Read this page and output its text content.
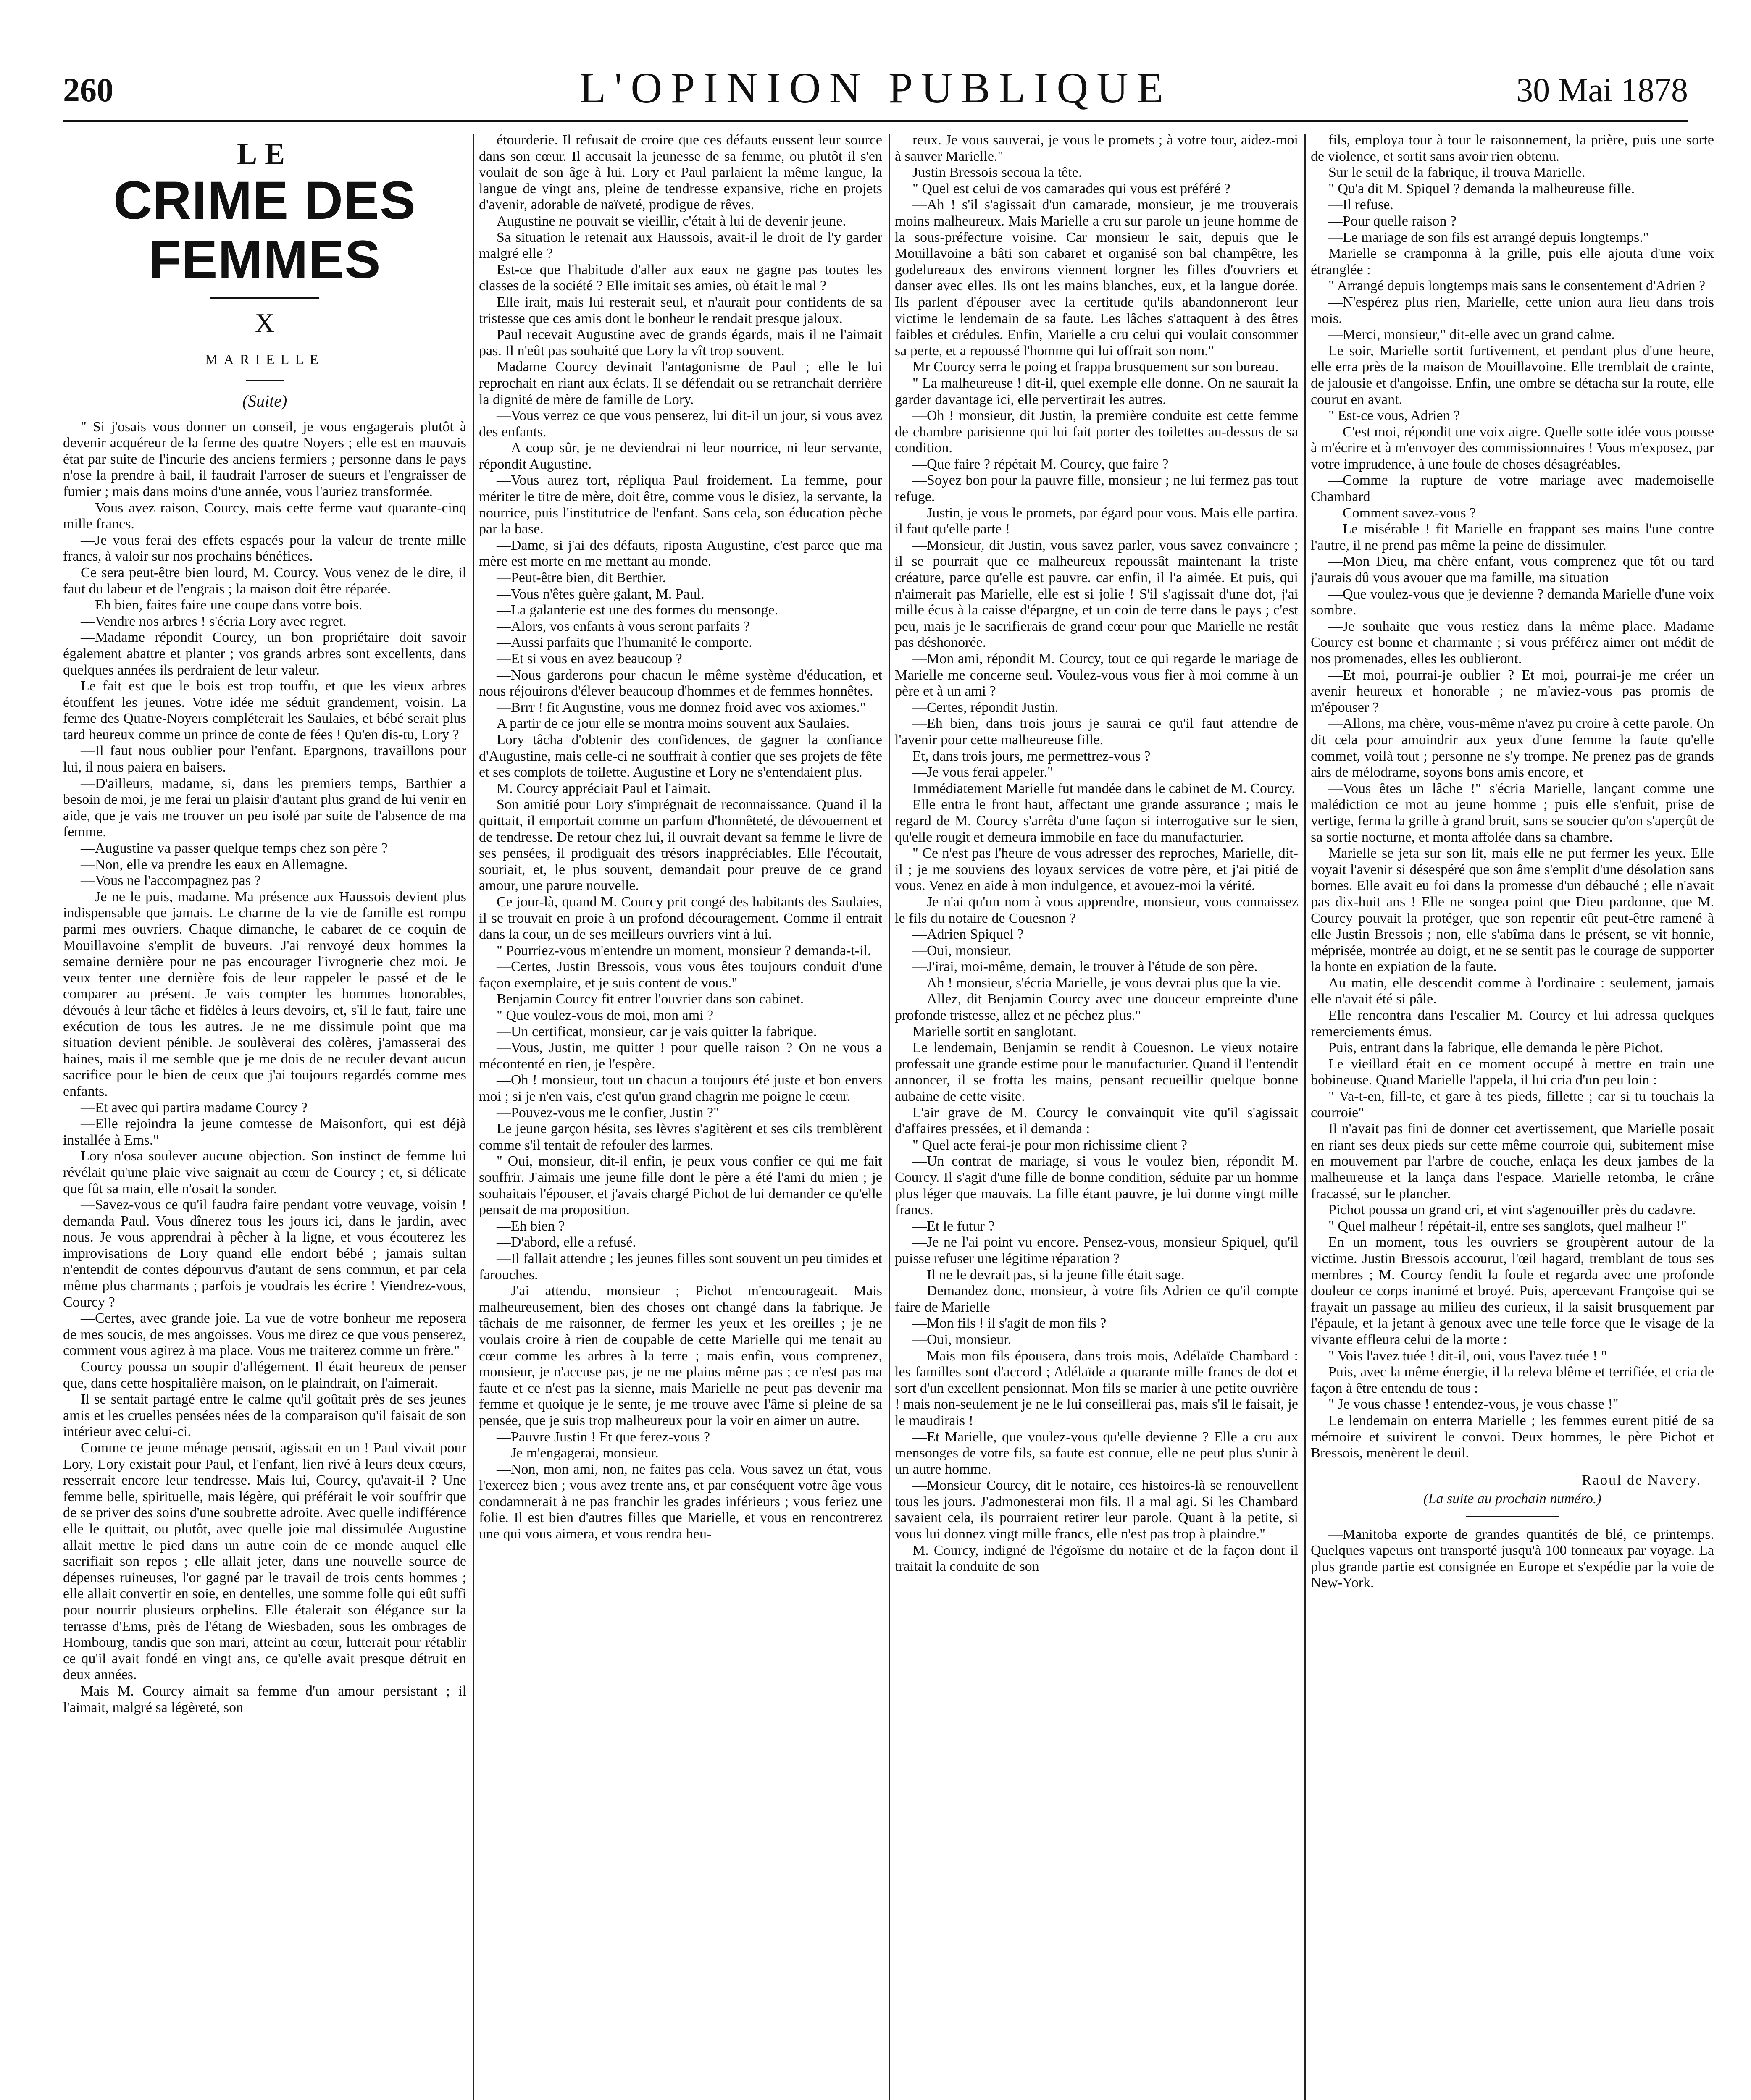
260	L'OPINION PUBLIQUE	30 Mai 1878
LE
CRIME DES FEMMES
X
MARIELLE
(Suite)

" Si j'osais vous donner un conseil, je vous engagerais plutôt à devenir acquéreur de la ferme des quatre Noyers ; elle est en mauvais état par suite de l'incurie des anciens fermiers ; personne dans le pays n'ose la prendre à bail, il faudrait l'arroser de sueurs et l'engraisser de fumier ; mais dans moins d'une année, vous l'auriez transformée.

—Vous avez raison, Courcy, mais cette ferme vaut quarante-cinq mille francs.

—Je vous ferai des effets espacés pour la valeur de trente mille francs, à valoir sur nos prochains bénéfices.

Ce sera peut-être bien lourd, M. Courcy. Vous venez de le dire, il faut du labeur et de l'engrais ; la maison doit être réparée.

—Eh bien, faites faire une coupe dans votre bois.

—Vendre nos arbres ! s'écria Lory avec regret.

—Madame répondit Courcy, un bon propriétaire doit savoir également abattre et planter ; vos grands arbres sont excellents, dans quelques années ils perdraient de leur valeur.

Le fait est que le bois est trop touffu, et que les vieux arbres étouffent les jeunes. Votre idée me séduit grandement, voisin. La ferme des Quatre-Noyers compléterait les Saulaies, et bébé serait plus tard heureux comme un prince de conte de fées ! Qu'en dis-tu, Lory ?

—Il faut nous oublier pour l'enfant. Epargnons, travaillons pour lui, il nous paiera en baisers.

—D'ailleurs, madame, si, dans les premiers temps, Barthier a besoin de moi, je me ferai un plaisir d'autant plus grand de lui venir en aide, que je vais me trouver un peu isolé par suite de l'absence de ma femme.

—Augustine va passer quelque temps chez son père ?

—Non, elle va prendre les eaux en Allemagne.

—Vous ne l'accompagnez pas ?

—Je ne le puis, madame. Ma présence aux Haussois devient plus indispensable que jamais. Le charme de la vie de famille est rompu parmi mes ouvriers. Chaque dimanche, le cabaret de ce coquin de Mouillavoine s'emplit de buveurs. J'ai renvoyé deux hommes la semaine dernière pour ne pas encourager l'ivrognerie chez moi. Je veux tenter une dernière fois de leur rappeler le passé et de le comparer au présent. Je vais compter les hommes honorables, dévoués à leur tâche et fidèles à leurs devoirs, et, s'il le faut, faire une exécution de tous les autres. Je ne me dissimule point que ma situation devient pénible. Je soulèverai des colères, j'amasserai des haines, mais il me semble que je me dois de ne reculer devant aucun sacrifice pour le bien de ceux que j'ai toujours regardés comme mes enfants.

—Et avec qui partira madame Courcy ?

—Elle rejoindra la jeune comtesse de Maisonfort, qui est déjà installée à Ems."

Lory n'osa soulever aucune objection. Son instinct de femme lui révélait qu'une plaie vive saignait au cœur de Courcy ; et, si délicate que fût sa main, elle n'osait la sonder.

—Savez-vous ce qu'il faudra faire pendant votre veuvage, voisin ! demanda Paul. Vous dînerez tous les jours ici, dans le jardin, avec nous. Je vous apprendrai à pêcher à la ligne, et vous écouterez les improvisations de Lory quand elle endort bébé ; jamais sultan n'entendit de contes dépourvus d'autant de sens commun, et par cela même plus charmants ; parfois je voudrais les écrire ! Viendrez-vous, Courcy ?

—Certes, avec grande joie. La vue de votre bonheur me reposera de mes soucis, de mes angoisses. Vous me direz ce que vous penserez, comment vous agirez à ma place. Vous me traiterez comme un frère."

Courcy poussa un soupir d'allégement. Il était heureux de penser que, dans cette hospitalière maison, on le plaindrait, on l'aimerait.

Il se sentait partagé entre le calme qu'il goûtait près de ses jeunes amis et les cruelles pensées nées de la comparaison qu'il faisait de son intérieur avec celui-ci.

Comme ce jeune ménage pensait, agissait en un ! Paul vivait pour Lory, Lory existait pour Paul, et l'enfant, lien rivé à leurs deux cœurs, resserrait encore leur tendresse. Mais lui, Courcy, qu'avait-il ? Une femme belle, spirituelle, mais légère, qui préférait le voir souffrir que de se priver des soins d'une soubrette adroite. Avec quelle indifférence elle le quittait, ou plutôt, avec quelle joie mal dissimulée Augustine allait mettre le pied dans un autre coin de ce monde auquel elle sacrifiait son repos ; elle allait jeter, dans une nouvelle source de dépenses ruineuses, l'or gagné par le travail de trois cents hommes ; elle allait convertir en soie, en dentelles, une somme folle qui eût suffi pour nourrir plusieurs orphelins. Elle étalerait son élégance sur la terrasse d'Ems, près de l'étang de Wiesbaden, sous les ombrages de Hombourg, tandis que son mari, atteint au cœur, lutterait pour rétablir ce qu'il avait fondé en vingt ans, ce qu'elle avait presque détruit en deux années.

Mais M. Courcy aimait sa femme d'un amour persistant ; il l'aimait, malgré sa légèreté, son

étourderie. Il refusait de croire que ces défauts eussent leur source dans son cœur. Il accusait la jeunesse de sa femme, ou plutôt il s'en voulait de son âge à lui. Lory et Paul parlaient la même langue, la langue de vingt ans, pleine de tendresse expansive, riche en projets d'avenir, adorable de naïveté, prodigue de rêves.

Augustine ne pouvait se vieillir, c'était à lui de devenir jeune.

Sa situation le retenait aux Haussois, avait-il le droit de l'y garder malgré elle ?

Est-ce que l'habitude d'aller aux eaux ne gagne pas toutes les classes de la société ? Elle imitait ses amies, où était le mal ?

Elle irait, mais lui resterait seul, et n'aurait pour confidents de sa tristesse que ces amis dont le bonheur le rendait presque jaloux.

Paul recevait Augustine avec de grands égards, mais il ne l'aimait pas. Il n'eût pas souhaité que Lory la vît trop souvent.

Madame Courcy devinait l'antagonisme de Paul ; elle le lui reprochait en riant aux éclats. Il se défendait ou se retranchait derrière la dignité de mère de famille de Lory.

—Vous verrez ce que vous penserez, lui dit-il un jour, si vous avez des enfants.

—A coup sûr, je ne deviendrai ni leur nourrice, ni leur servante, répondit Augustine.

—Vous aurez tort, répliqua Paul froidement. La femme, pour mériter le titre de mère, doit être, comme vous le disiez, la servante, la nourrice, puis l'institutrice de l'enfant. Sans cela, son éducation pèche par la base.

—Dame, si j'ai des défauts, riposta Augustine, c'est parce que ma mère est morte en me mettant au monde.

—Peut-être bien, dit Berthier.

—Vous n'êtes guère galant, M. Paul.

—La galanterie est une des formes du mensonge.

—Alors, vos enfants à vous seront parfaits ?

—Aussi parfaits que l'humanité le comporte.

—Et si vous en avez beaucoup ?

—Nous garderons pour chacun le même système d'éducation, et nous réjouirons d'élever beaucoup d'hommes et de femmes honnêtes.

—Brrr ! fit Augustine, vous me donnez froid avec vos axiomes."

A partir de ce jour elle se montra moins souvent aux Saulaies.

Lory tâcha d'obtenir des confidences, de gagner la confiance d'Augustine, mais celle-ci ne souffrait à confier que ses projets de fête et ses complots de toilette. Augustine et Lory ne s'entendaient plus.

M. Courcy appréciait Paul et l'aimait.

Son amitié pour Lory s'imprégnait de reconnaissance. Quand il la quittait, il emportait comme un parfum d'honnêteté, de dévouement et de tendresse. De retour chez lui, il ouvrait devant sa femme le livre de ses pensées, il prodiguait des trésors inappréciables. Elle l'écoutait, souriait, et, le plus souvent, demandait pour preuve de ce grand amour, une parure nouvelle.

Ce jour-là, quand M. Courcy prit congé des habitants des Saulaies, il se trouvait en proie à un profond découragement. Comme il entrait dans la cour, un de ses meilleurs ouvriers vint à lui.

" Pourriez-vous m'entendre un moment, monsieur ? demanda-t-il.

—Certes, Justin Bressois, vous vous êtes toujours conduit d'une façon exemplaire, et je suis content de vous."

Benjamin Courcy fit entrer l'ouvrier dans son cabinet.

" Que voulez-vous de moi, mon ami ?

—Un certificat, monsieur, car je vais quitter la fabrique.

—Vous, Justin, me quitter ! pour quelle raison ? On ne vous a mécontenté en rien, je l'espère.

—Oh ! monsieur, tout un chacun a toujours été juste et bon envers moi ; si je n'en vais, c'est qu'un grand chagrin me poigne le cœur.

—Pouvez-vous me le confier, Justin ?"

Le jeune garçon hésita, ses lèvres s'agitèrent et ses cils tremblèrent comme s'il tentait de refouler des larmes.

" Oui, monsieur, dit-il enfin, je peux vous confier ce qui me fait souffrir. J'aimais une jeune fille dont le père a été l'ami du mien ; je souhaitais l'épouser, et j'avais chargé Pichot de lui demander ce qu'elle pensait de ma proposition.

—Eh bien ?

—D'abord, elle a refusé.

—Il fallait attendre ; les jeunes filles sont souvent un peu timides et farouches.

—J'ai attendu, monsieur ; Pichot m'encourageait. Mais malheureusement, bien des choses ont changé dans la fabrique. Je tâchais de me raisonner, de fermer les yeux et les oreilles ; je ne voulais croire à rien de coupable de cette Marielle qui me tenait au cœur comme les arbres à la terre ; mais enfin, vous comprenez, monsieur, je n'accuse pas, je ne me plains même pas ; ce n'est pas ma faute et ce n'est pas la sienne, mais Marielle ne peut pas devenir ma femme et quoique je le sente, je me trouve avec l'âme si pleine de sa pensée, que je suis trop malheureux pour la voir en aimer un autre.

—Pauvre Justin ! Et que ferez-vous ?

—Je m'engagerai, monsieur.

—Non, mon ami, non, ne faites pas cela. Vous savez un état, vous l'exercez bien ; vous avez trente ans, et par conséquent votre âge vous condamnerait à ne pas franchir les grades inférieurs ; vous feriez une folie. Il est bien d'autres filles que Marielle, et vous en rencontrerez une qui vous aimera, et vous rendra heu-

reux. Je vous sauverai, je vous le promets ; à votre tour, aidez-moi à sauver Marielle."

Justin Bressois secoua la tête.

" Quel est celui de vos camarades qui vous est préféré ?

—Ah ! s'il s'agissait d'un camarade, monsieur, je me trouverais moins malheureux. Mais Marielle a cru sur parole un jeune homme de la sous-préfecture voisine. Car monsieur le sait, depuis que le Mouillavoine a bâti son cabaret et organisé son bal champêtre, les godelureaux des environs viennent lorgner les filles d'ouvriers et danser avec elles. Ils ont les mains blanches, eux, et la langue dorée. Ils parlent d'épouser avec la certitude qu'ils abandonneront leur victime le lendemain de sa faute. Les lâches s'attaquent à des êtres faibles et crédules. Enfin, Marielle a cru celui qui voulait consommer sa perte, et a repoussé l'homme qui lui offrait son nom."

Mr Courcy serra le poing et frappa brusquement sur son bureau.

" La malheureuse ! dit-il, quel exemple elle donne. On ne saurait la garder davantage ici, elle pervertirait les autres.

—Oh ! monsieur, dit Justin, la première conduite est cette femme de chambre parisienne qui lui fait porter des toilettes au-dessus de sa condition.

—Que faire ? répétait M. Courcy, que faire ?

—Soyez bon pour la pauvre fille, monsieur ; ne lui fermez pas tout refuge.

—Justin, je vous le promets, par égard pour vous. Mais elle partira. il faut qu'elle parte !

—Monsieur, dit Justin, vous savez parler, vous savez convaincre ; il se pourrait que ce malheureux repoussât maintenant la triste créature, parce qu'elle est pauvre. car enfin, il l'a aimée. Et puis, qui n'aimerait pas Marielle, elle est si jolie ! S'il s'agissait d'une dot, j'ai mille écus à la caisse d'épargne, et un coin de terre dans le pays ; c'est peu, mais je le sacrifierais de grand cœur pour que Marielle ne restât pas déshonorée.

—Mon ami, répondit M. Courcy, tout ce qui regarde le mariage de Marielle me concerne seul. Voulez-vous vous fier à moi comme à un père et à un ami ?

—Certes, répondit Justin.

—Eh bien, dans trois jours je saurai ce qu'il faut attendre de l'avenir pour cette malheureuse fille.

Et, dans trois jours, me permettrez-vous ?

—Je vous ferai appeler."

Immédiatement Marielle fut mandée dans le cabinet de M. Courcy.

Elle entra le front haut, affectant une grande assurance ; mais le regard de M. Courcy s'arrêta d'une façon si interrogative sur le sien, qu'elle rougit et demeura immobile en face du manufacturier.

" Ce n'est pas l'heure de vous adresser des reproches, Marielle, dit-il ; je me souviens des loyaux services de votre père, et j'ai pitié de vous. Venez en aide à mon indulgence, et avouez-moi la vérité.

—Je n'ai qu'un nom à vous apprendre, monsieur, vous connaissez le fils du notaire de Couesnon ?

—Adrien Spiquel ?

—Oui, monsieur.

—J'irai, moi-même, demain, le trouver à l'étude de son père.

—Ah ! monsieur, s'écria Marielle, je vous devrai plus que la vie.

—Allez, dit Benjamin Courcy avec une douceur empreinte d'une profonde tristesse, allez et ne péchez plus."

Marielle sortit en sanglotant.

Le lendemain, Benjamin se rendit à Couesnon. Le vieux notaire professait une grande estime pour le manufacturier. Quand il l'entendit annoncer, il se frotta les mains, pensant recueillir quelque bonne aubaine de cette visite.

L'air grave de M. Courcy le convainquit vite qu'il s'agissait d'affaires pressées, et il demanda :

" Quel acte ferai-je pour mon richissime client ?

—Un contrat de mariage, si vous le voulez bien, répondit M. Courcy. Il s'agit d'une fille de bonne condition, séduite par un homme plus léger que mauvais. La fille étant pauvre, je lui donne vingt mille francs.

—Et le futur ?

—Je ne l'ai point vu encore. Pensez-vous, monsieur Spiquel, qu'il puisse refuser une légitime réparation ?

—Il ne le devrait pas, si la jeune fille était sage.

—Demandez donc, monsieur, à votre fils Adrien ce qu'il compte faire de Marielle

—Mon fils ! il s'agit de mon fils ?

—Oui, monsieur.

—Mais mon fils épousera, dans trois mois, Adélaïde Chambard : les familles sont d'accord ; Adélaïde a quarante mille francs de dot et sort d'un excellent pensionnat. Mon fils se marier à une petite ouvrière ! mais non-seulement je ne le lui conseillerai pas, mais s'il le faisait, je le maudirais !

—Et Marielle, que voulez-vous qu'elle devienne ? Elle a cru aux mensonges de votre fils, sa faute est connue, elle ne peut plus s'unir à un autre homme.

—Monsieur Courcy, dit le notaire, ces histoires-là se renouvellent tous les jours. J'admonesterai mon fils. Il a mal agi. Si les Chambard savaient cela, ils pourraient retirer leur parole. Quant à la petite, si vous lui donnez vingt mille francs, elle n'est pas trop à plaindre."

M. Courcy, indigné de l'égoïsme du notaire et de la façon dont il traitait la conduite de son

fils, employa tour à tour le raisonnement, la prière, puis une sorte de violence, et sortit sans avoir rien obtenu.

Sur le seuil de la fabrique, il trouva Marielle.

" Qu'a dit M. Spiquel ? demanda la malheureuse fille.

—Il refuse.

—Pour quelle raison ?

—Le mariage de son fils est arrangé depuis longtemps."

Marielle se cramponna à la grille, puis elle ajouta d'une voix étranglée :

" Arrangé depuis longtemps mais sans le consentement d'Adrien ?

—N'espérez plus rien, Marielle, cette union aura lieu dans trois mois.

—Merci, monsieur," dit-elle avec un grand calme.

Le soir, Marielle sortit furtivement, et pendant plus d'une heure, elle erra près de la maison de Mouillavoine. Elle tremblait de crainte, de jalousie et d'angoisse. Enfin, une ombre se détacha sur la route, elle courut en avant.

" Est-ce vous, Adrien ?

—C'est moi, répondit une voix aigre. Quelle sotte idée vous pousse à m'écrire et à m'envoyer des commissionnaires ! Vous m'exposez, par votre imprudence, à une foule de choses désagréables.

—Comme la rupture de votre mariage avec mademoiselle Chambard

—Comment savez-vous ?

—Le misérable ! fit Marielle en frappant ses mains l'une contre l'autre, il ne prend pas même la peine de dissimuler.

—Mon Dieu, ma chère enfant, vous comprenez que tôt ou tard j'aurais dû vous avouer que ma famille, ma situation

—Que voulez-vous que je devienne ? demanda Marielle d'une voix sombre.

—Je souhaite que vous restiez dans la même place. Madame Courcy est bonne et charmante ; si vous préférez aimer ont médit de nos promenades, elles les oublieront.

—Et moi, pourrai-je oublier ? Et moi, pourrai-je me créer un avenir heureux et honorable ; ne m'aviez-vous pas promis de m'épouser ?

—Allons, ma chère, vous-même n'avez pu croire à cette parole. On dit cela pour amoindrir aux yeux d'une femme la faute qu'elle commet, voilà tout ; personne ne s'y trompe. Ne prenez pas de grands airs de mélodrame, soyons bons amis encore, et

—Vous êtes un lâche !" s'écria Marielle, lançant comme une malédiction ce mot au jeune homme ; puis elle s'enfuit, prise de vertige, ferma la grille à grand bruit, sans se soucier qu'on s'aperçût de sa sortie nocturne, et monta affolée dans sa chambre.

Marielle se jeta sur son lit, mais elle ne put fermer les yeux. Elle voyait l'avenir si désespéré que son âme s'emplit d'une désolation sans bornes. Elle avait eu foi dans la promesse d'un débauché ; elle n'avait pas dix-huit ans ! Elle ne songea point que Dieu pardonne, que M. Courcy pouvait la protéger, que son repentir eût peut-être ramené à elle Justin Bressois ; non, elle s'abîma dans le présent, se vit honnie, méprisée, montrée au doigt, et ne se sentit pas le courage de supporter la honte en expiation de la faute.

Au matin, elle descendit comme à l'ordinaire : seulement, jamais elle n'avait été si pâle.

Elle rencontra dans l'escalier M. Courcy et lui adressa quelques remerciements émus.

Puis, entrant dans la fabrique, elle demanda le père Pichot.

Le vieillard était en ce moment occupé à mettre en train une bobineuse. Quand Marielle l'appela, il lui cria d'un peu loin :

" Va-t-en, fill-te, et gare à tes pieds, fillette ; car si tu touchais la courroie"

Il n'avait pas fini de donner cet avertissement, que Marielle posait en riant ses deux pieds sur cette même courroie qui, subitement mise en mouvement par l'arbre de couche, enlaça les deux jambes de la malheureuse et la lança dans l'espace. Marielle retomba, le crâne fracassé, sur le plancher.

Pichot poussa un grand cri, et vint s'agenouiller près du cadavre.

" Quel malheur ! répétait-il, entre ses sanglots, quel malheur !"

En un moment, tous les ouvriers se groupèrent autour de la victime. Justin Bressois accourut, l'œil hagard, tremblant de tous ses membres ; M. Courcy fendit la foule et regarda avec une profonde douleur ce corps inanimé et broyé. Puis, apercevant Françoise qui se frayait un passage au milieu des curieux, il la saisit brusquement par l'épaule, et la jetant à genoux avec une telle force que le visage de la vivante effleura celui de la morte :

" Vois l'avez tuée ! dit-il, oui, vous l'avez tuée ! "

Puis, avec la même énergie, il la releva blême et terrifiée, et cria de façon à être entendu de tous :

" Je vous chasse ! entendez-vous, je vous chasse !"

Le lendemain on enterra Marielle ; les femmes eurent pitié de sa mémoire et suivirent le convoi. Deux hommes, le père Pichot et Bressois, menèrent le deuil.

Raoul de Navery.
(La suite au prochain numéro.)

—Manitoba exporte de grandes quantités de blé, ce printemps. Quelques vapeurs ont transporté jusqu'à 100 tonneaux par voyage. La plus grande partie est consignée en Europe et s'expédie par la voie de New-York.
